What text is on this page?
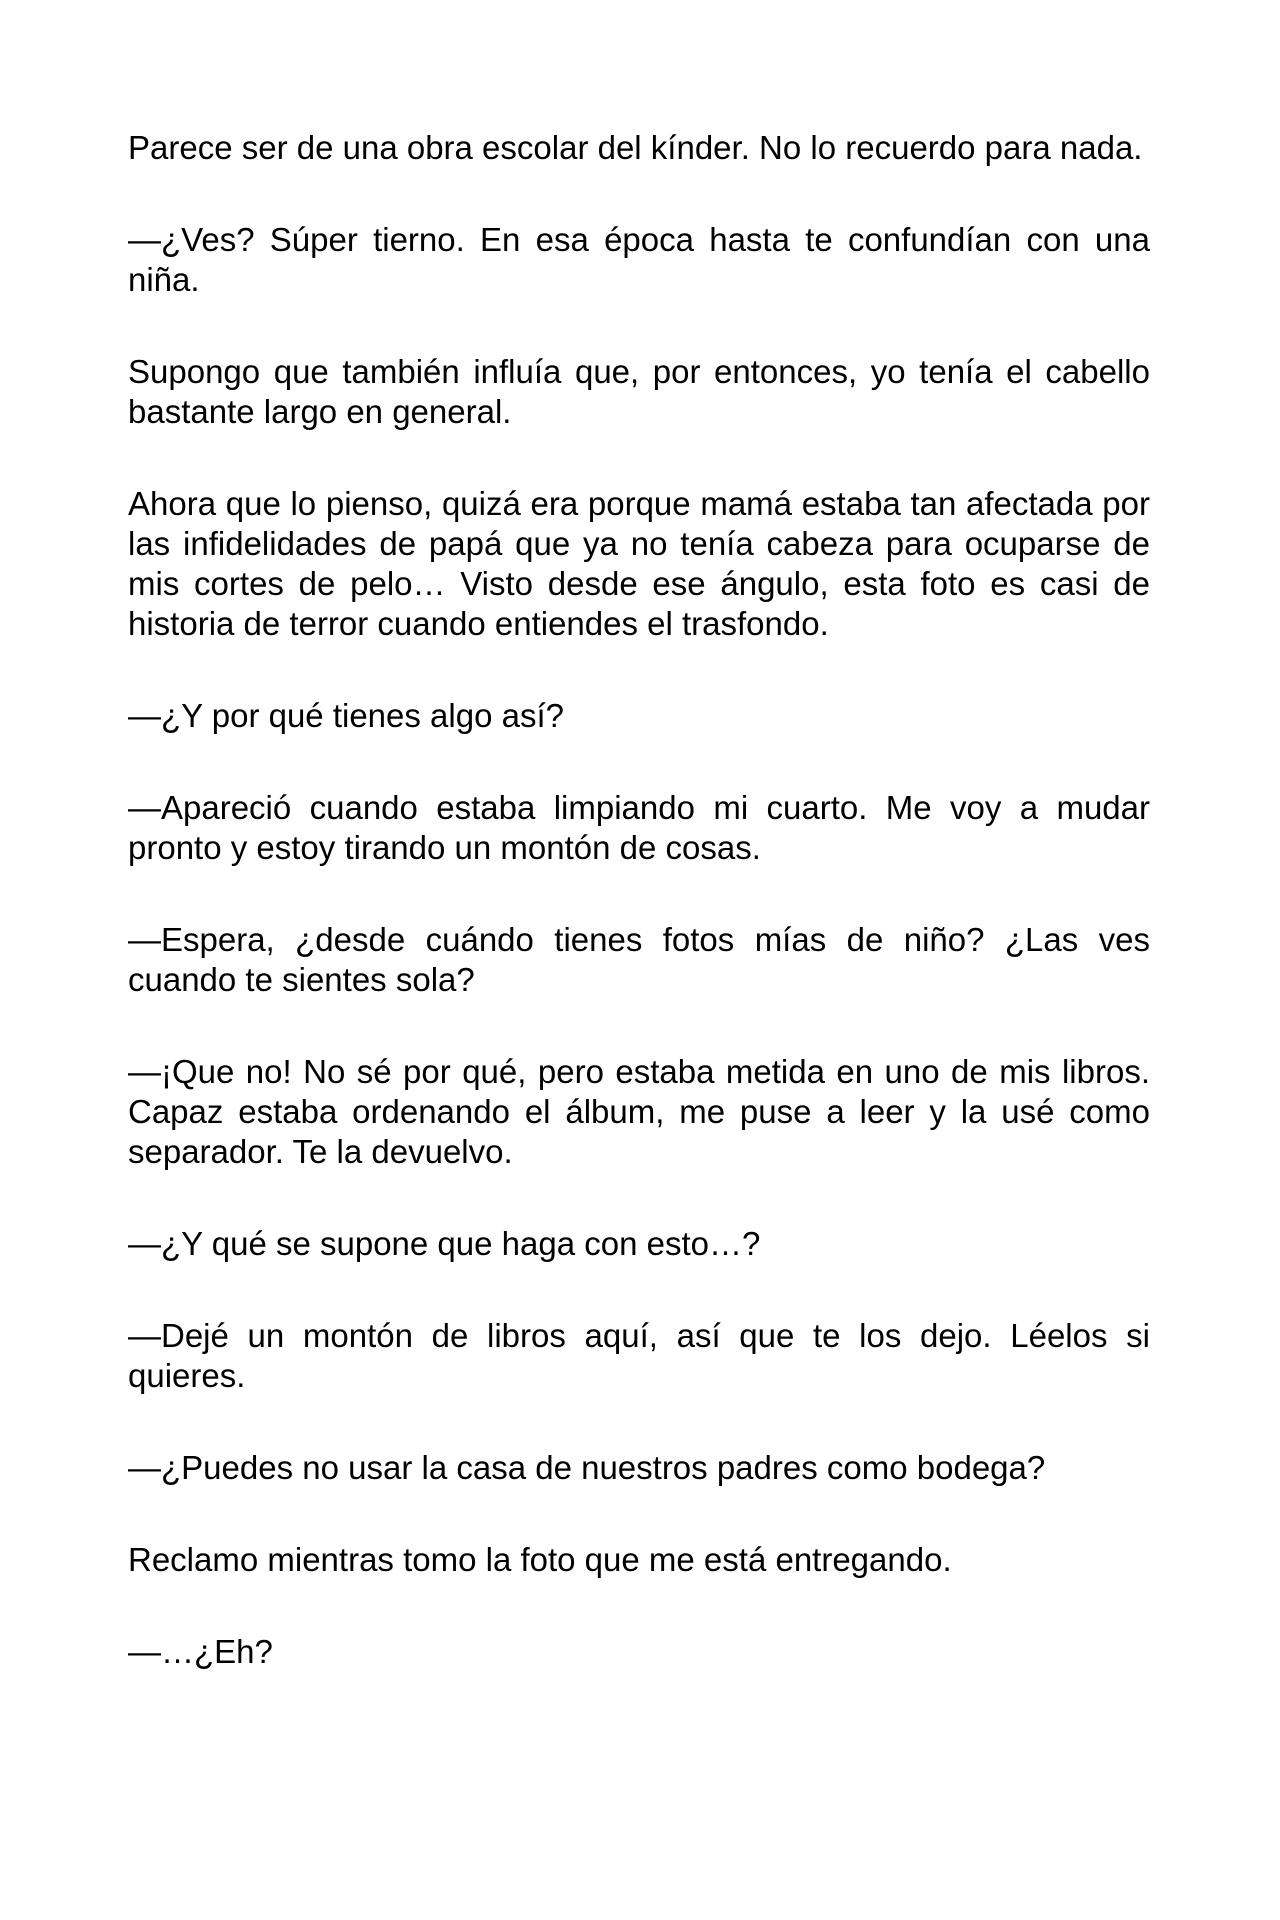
Parece ser de una obra escolar del kínder. No lo recuerdo para nada.

—¿Ves? Súper tierno. En esa época hasta te confundían con una niña.

Supongo que también influía que, por entonces, yo tenía el cabello bastante largo en general.

Ahora que lo pienso, quizá era porque mamá estaba tan afectada por las infidelidades de papá que ya no tenía cabeza para ocuparse de mis cortes de pelo… Visto desde ese ángulo, esta foto es casi de historia de terror cuando entiendes el trasfondo.

—¿Y por qué tienes algo así?

—Apareció cuando estaba limpiando mi cuarto. Me voy a mudar pronto y estoy tirando un montón de cosas.

—Espera, ¿desde cuándo tienes fotos mías de niño? ¿Las ves cuando te sientes sola?

—¡Que no! No sé por qué, pero estaba metida en uno de mis libros. Capaz estaba ordenando el álbum, me puse a leer y la usé como separador. Te la devuelvo.

—¿Y qué se supone que haga con esto…?

—Dejé un montón de libros aquí, así que te los dejo. Léelos si quieres.

—¿Puedes no usar la casa de nuestros padres como bodega?

Reclamo mientras tomo la foto que me está entregando.

—…¿Eh?
